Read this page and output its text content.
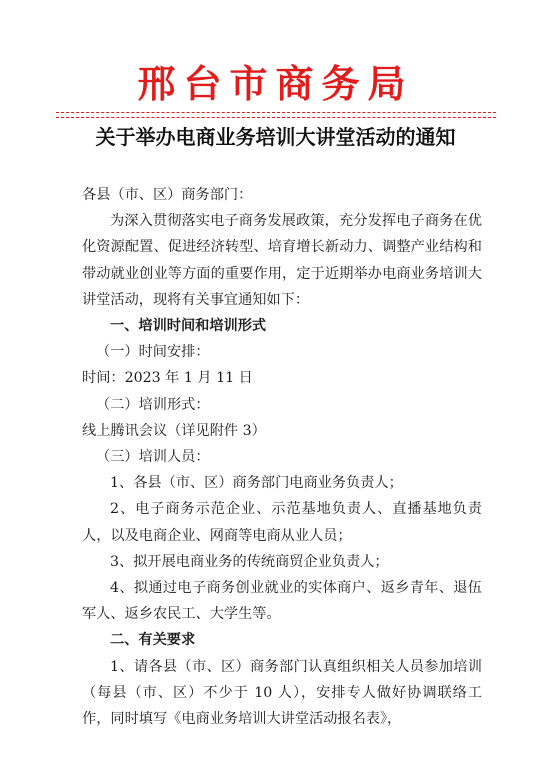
邢台市商务局
关于举办电商业务培训大讲堂活动的通知

各县（市、区）商务部门：

为深入贯彻落实电子商务发展政策，充分发挥电子商务在优化资源配置、促进经济转型、培育增长新动力、调整产业结构和带动就业创业等方面的重要作用，定于近期举办电商业务培训大讲堂活动，现将有关事宜通知如下：

一、培训时间和培训形式

（一）时间安排：

时间：2023 年 1 月 11 日

（二）培训形式：

线上腾讯会议（详见附件 3）

（三）培训人员：

1、各县（市、区）商务部门电商业务负责人；

2、电子商务示范企业、示范基地负责人、直播基地负责人，以及电商企业、网商等电商从业人员；

3、拟开展电商业务的传统商贸企业负责人；

4、拟通过电子商务创业就业的实体商户、返乡青年、退伍军人、返乡农民工、大学生等。

二、有关要求

1、请各县（市、区）商务部门认真组织相关人员参加培训（每县（市、区）不少于 10 人），安排专人做好协调联络工作，同时填写《电商业务培训大讲堂活动报名表》，
